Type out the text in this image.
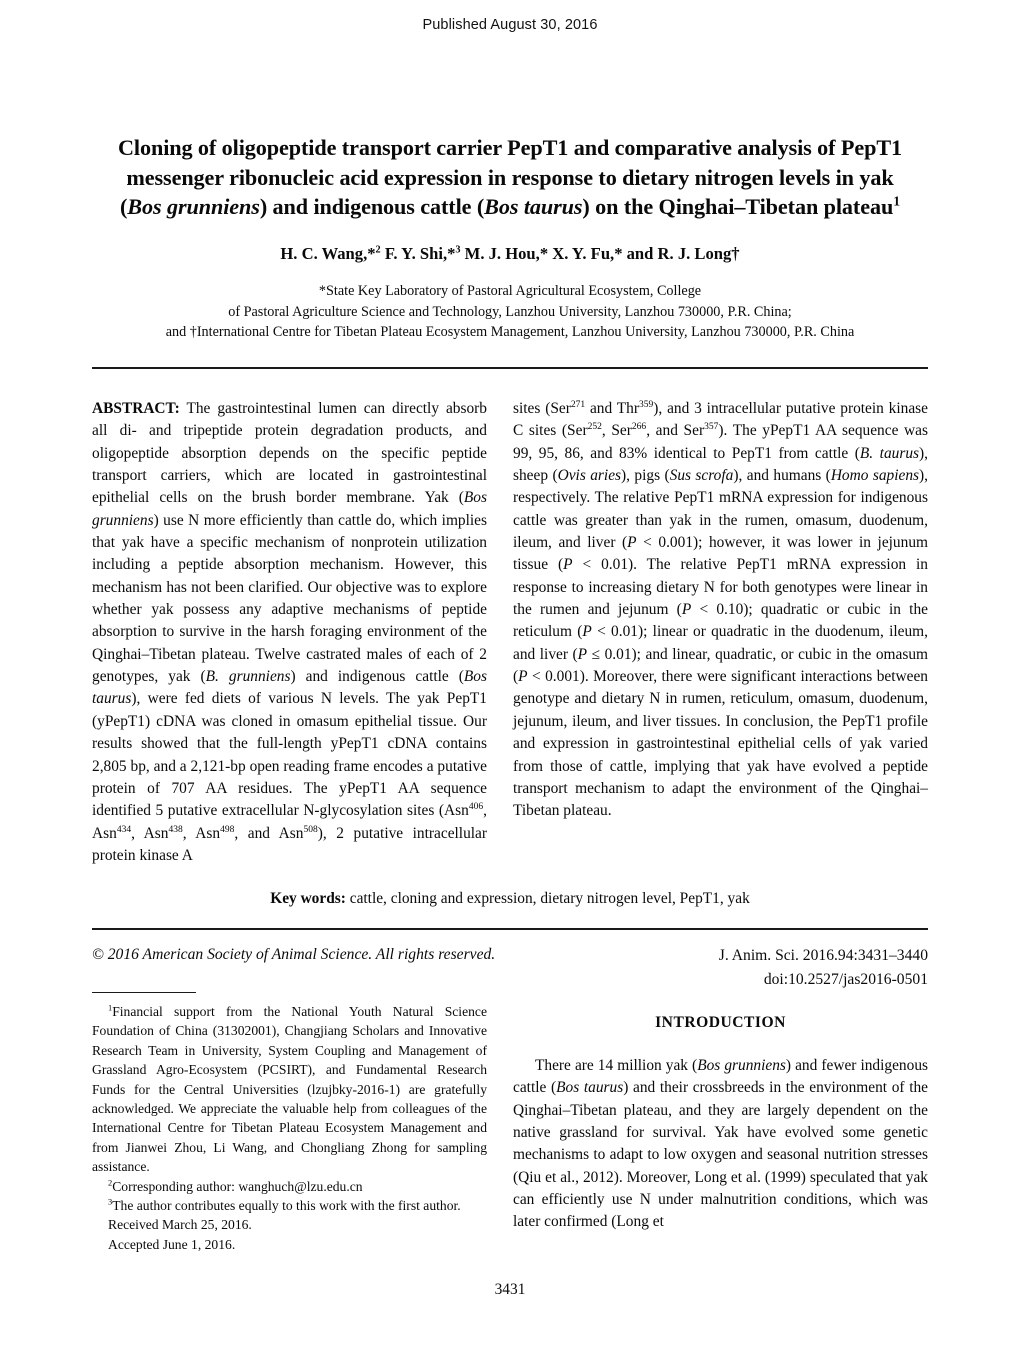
Published August 30, 2016
Cloning of oligopeptide transport carrier PepT1 and comparative analysis of PepT1
messenger ribonucleic acid expression in response to dietary nitrogen levels in yak
(Bos grunniens) and indigenous cattle (Bos taurus) on the Qinghai–Tibetan plateau$^1$
H. C. Wang,*$^2$ F. Y. Shi,*$^3$ M. J. Hou,* X. Y. Fu,* and R. J. Long†
*State Key Laboratory of Pastoral Agricultural Ecosystem, College
of Pastoral Agriculture Science and Technology, Lanzhou University, Lanzhou 730000, P.R. China;
and †International Centre for Tibetan Plateau Ecosystem Management, Lanzhou University, Lanzhou 730000, P.R. China
ABSTRACT: The gastrointestinal lumen can directly absorb all di- and tripeptide protein degradation products, and oligopeptide absorption depends on the specific peptide transport carriers, which are located in gastrointestinal epithelial cells on the brush border membrane. Yak (Bos grunniens) use N more efficiently than cattle do, which implies that yak have a specific mechanism of nonprotein utilization including a peptide absorption mechanism. However, this mechanism has not been clarified. Our objective was to explore whether yak possess any adaptive mechanisms of peptide absorption to survive in the harsh foraging environment of the Qinghai–Tibetan plateau. Twelve castrated males of each of 2 genotypes, yak (B. grunniens) and indigenous cattle (Bos taurus), were fed diets of various N levels. The yak PepT1 (yPepT1) cDNA was cloned in omasum epithelial tissue. Our results showed that the full-length yPepT1 cDNA contains 2,805 bp, and a 2,121-bp open reading frame encodes a putative protein of 707 AA residues. The yPepT1 AA sequence identified 5 putative extracellular N-glycosylation sites (Asn$^{406}$, Asn$^{434}$, Asn$^{438}$, Asn$^{498}$, and Asn$^{508}$), 2 putative intracellular protein kinase A
sites (Ser$^{271}$ and Thr$^{359}$), and 3 intracellular putative protein kinase C sites (Ser$^{252}$, Ser$^{266}$, and Ser$^{357}$). The yPepT1 AA sequence was 99, 95, 86, and 83% identical to PepT1 from cattle (B. taurus), sheep (Ovis aries), pigs (Sus scrofa), and humans (Homo sapiens), respectively. The relative PepT1 mRNA expression for indigenous cattle was greater than yak in the rumen, omasum, duodenum, ileum, and liver (P < 0.001); however, it was lower in jejunum tissue (P < 0.01). The relative PepT1 mRNA expression in response to increasing dietary N for both genotypes were linear in the rumen and jejunum (P < 0.10); quadratic or cubic in the reticulum (P < 0.01); linear or quadratic in the duodenum, ileum, and liver (P ≤ 0.01); and linear, quadratic, or cubic in the omasum (P < 0.001). Moreover, there were significant interactions between genotype and dietary N in rumen, reticulum, omasum, duodenum, jejunum, ileum, and liver tissues. In conclusion, the PepT1 profile and expression in gastrointestinal epithelial cells of yak varied from those of cattle, implying that yak have evolved a peptide transport mechanism to adapt the environment of the Qinghai–Tibetan plateau.
Key words: cattle, cloning and expression, dietary nitrogen level, PepT1, yak
© 2016 American Society of Animal Science. All rights reserved.	J. Anim. Sci. 2016.94:3431–3440
doi:10.2527/jas2016-0501

$^1$Financial support from the National Youth Natural Science Foundation of China (31302001), Changjiang Scholars and Innovative Research Team in University, System Coupling and Management of Grassland Agro-Ecosystem (PCSIRT), and Fundamental Research Funds for the Central Universities (lzujbky-2016-1) are gratefully acknowledged. We appreciate the valuable help from colleagues of the International Centre for Tibetan Plateau Ecosystem Management and from Jianwei Zhou, Li Wang, and Chongliang Zhong for sampling assistance.

$^2$Corresponding author: wanghuch@lzu.edu.cn

$^3$The author contributes equally to this work with the first author.

Received March 25, 2016.

Accepted June 1, 2016.

INTRODUCTION

There are 14 million yak (Bos grunniens) and fewer indigenous cattle (Bos taurus) and their crossbreeds in the environment of the Qinghai–Tibetan plateau, and they are largely dependent on the native grassland for survival. Yak have evolved some genetic mechanisms to adapt to low oxygen and seasonal nutrition stresses (Qiu et al., 2012). Moreover, Long et al. (1999) speculated that yak can efficiently use N under malnutrition conditions, which was later confirmed (Long et

3431
